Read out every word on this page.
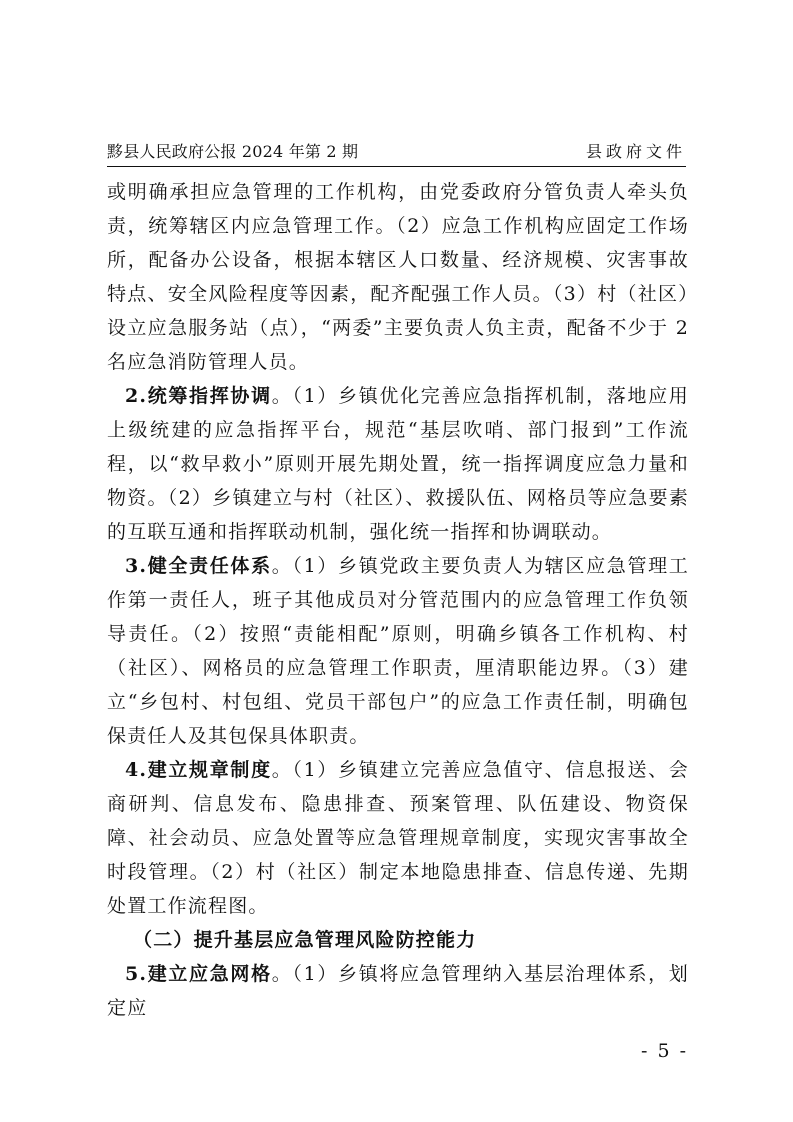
黟县人民政府公报 2024 年第 2 期	县政府文件

或明确承担应急管理的工作机构，由党委政府分管负责人牵头负责，统筹辖区内应急管理工作。（2）应急工作机构应固定工作场所，配备办公设备，根据本辖区人口数量、经济规模、灾害事故特点、安全风险程度等因素，配齐配强工作人员。（3）村（社区）设立应急服务站（点），“两委”主要负责人负主责，配备不少于 2 名应急消防管理人员。

2.统筹指挥协调。（1）乡镇优化完善应急指挥机制，落地应用上级统建的应急指挥平台，规范“基层吹哨、部门报到”工作流程，以“救早救小”原则开展先期处置，统一指挥调度应急力量和物资。（2）乡镇建立与村（社区）、救援队伍、网格员等应急要素的互联互通和指挥联动机制，强化统一指挥和协调联动。

3.健全责任体系。（1）乡镇党政主要负责人为辖区应急管理工作第一责任人，班子其他成员对分管范围内的应急管理工作负领导责任。（2）按照“责能相配”原则，明确乡镇各工作机构、村（社区）、网格员的应急管理工作职责，厘清职能边界。（3）建立“乡包村、村包组、党员干部包户”的应急工作责任制，明确包保责任人及其包保具体职责。

4.建立规章制度。（1）乡镇建立完善应急值守、信息报送、会商研判、信息发布、隐患排查、预案管理、队伍建设、物资保障、社会动员、应急处置等应急管理规章制度，实现灾害事故全时段管理。（2）村（社区）制定本地隐患排查、信息传递、先期处置工作流程图。

（二）提升基层应急管理风险防控能力

5.建立应急网格。（1）乡镇将应急管理纳入基层治理体系，划定应

- 5 -
